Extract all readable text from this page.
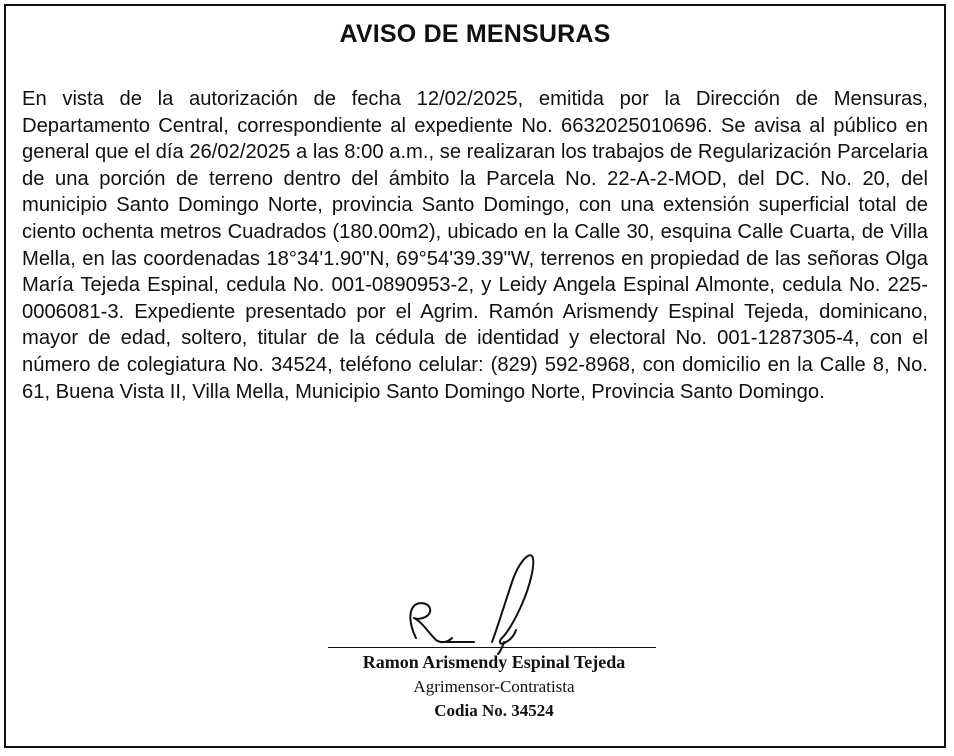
AVISO DE MENSURAS

En vista de la autorización de fecha 12/02/2025, emitida por la Dirección de Mensuras, Departamento Central, correspondiente al expediente No. 6632025010696. Se avisa al público en general que el día 26/02/2025 a las 8:00 a.m., se realizaran los trabajos de Regularización Parcelaria de una porción de terreno dentro del ámbito la Parcela No. 22-A-2-MOD, del DC. No. 20, del municipio Santo Domingo Norte, provincia Santo Domingo, con una extensión superficial total de ciento ochenta metros Cuadrados (180.00m2), ubicado en la Calle 30, esquina Calle Cuarta, de Villa Mella, en las coordenadas 18°34'1.90"N, 69°54'39.39"W, terrenos en propiedad de las señoras Olga María Tejeda Espinal, cedula No. 001-0890953-2, y Leidy Angela Espinal Almonte, cedula No. 225-0006081-3. Expediente presentado por el Agrim. Ramón Arismendy Espinal Tejeda, dominicano, mayor de edad, soltero, titular de la cédula de identidad y electoral No. 001-1287305-4, con el número de colegiatura No. 34524, teléfono celular: (829) 592-8968, con domicilio en la Calle 8, No. 61, Buena Vista II, Villa Mella, Municipio Santo Domingo Norte, Provincia Santo Domingo.

Ramon Arismendy Espinal Tejeda
Agrimensor-Contratista
Codia No. 34524
